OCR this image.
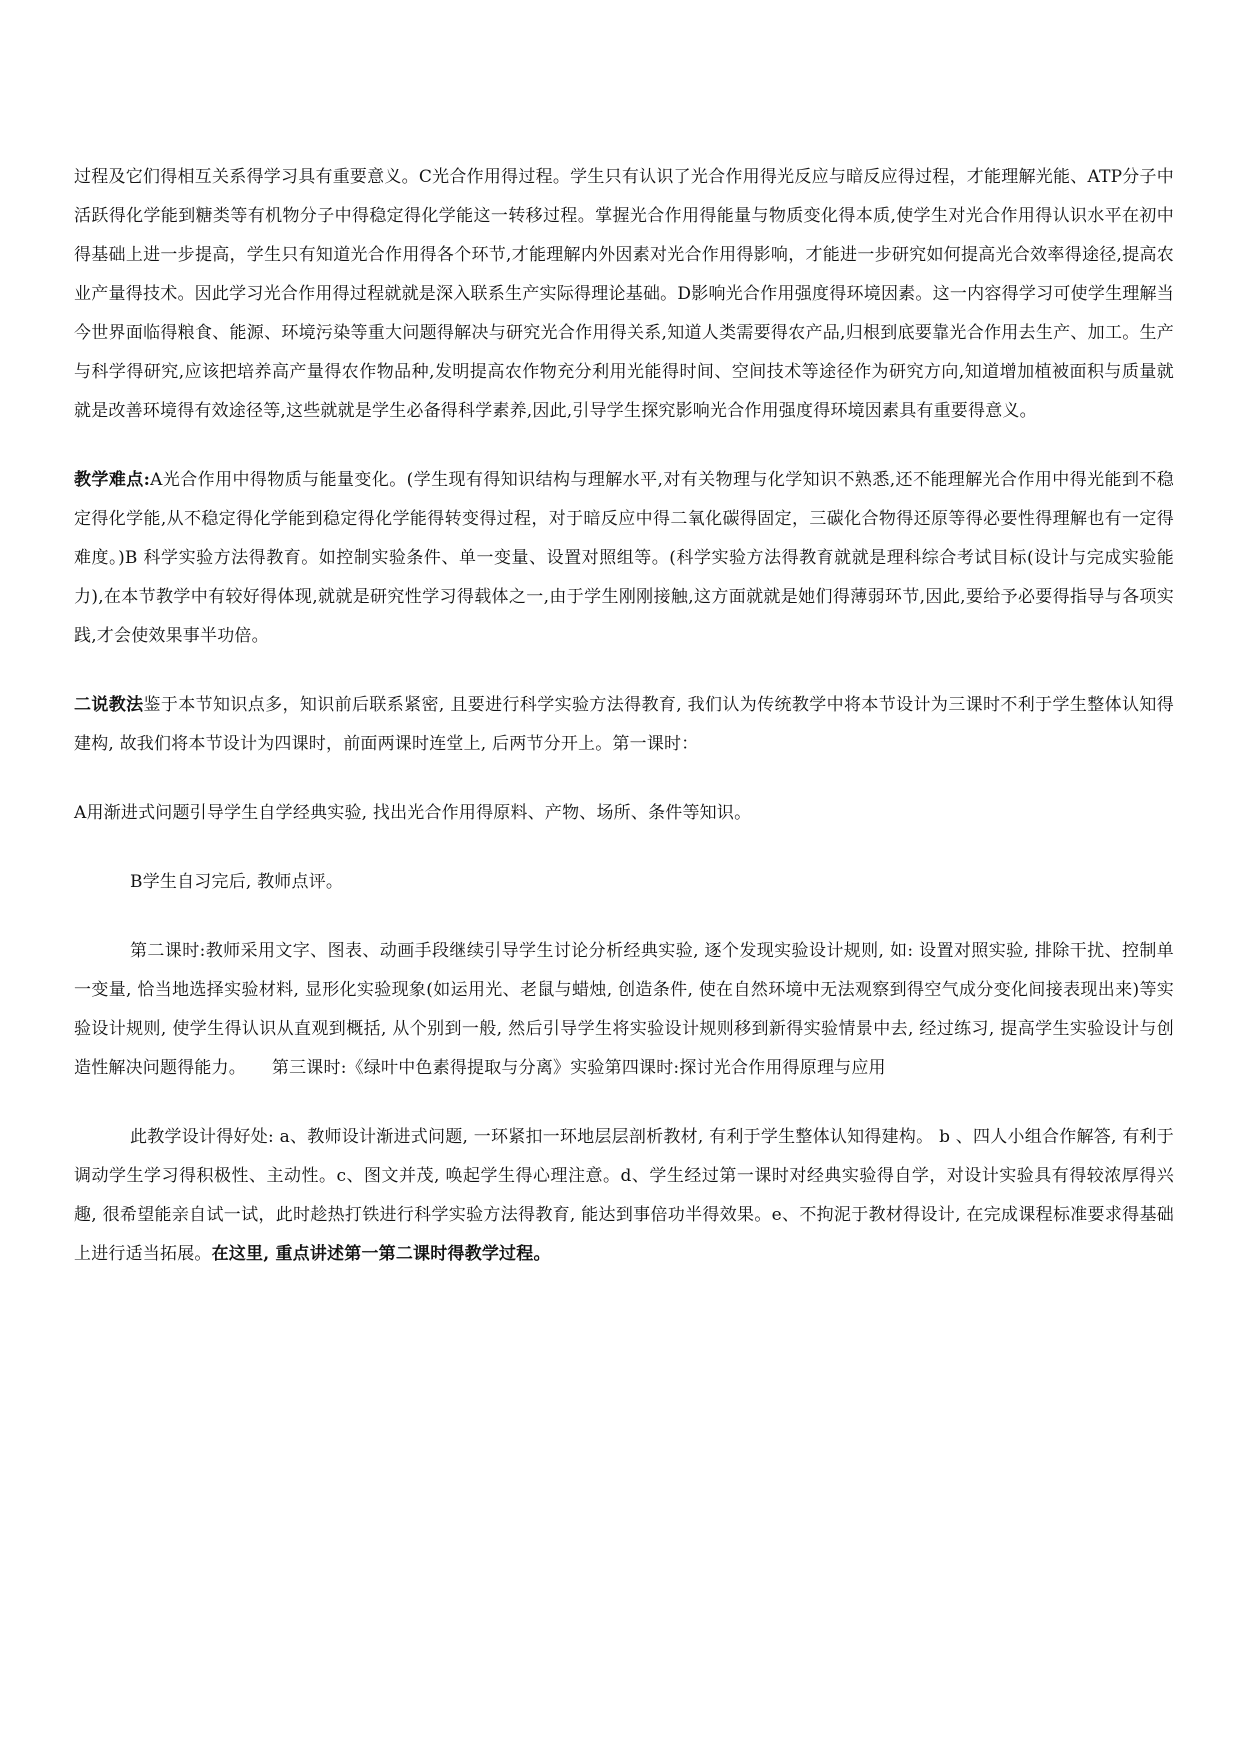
过程及它们得相互关系得学习具有重要意义。C光合作用得过程。学生只有认识了光合作用得光反应与暗反应得过程，才能理解光能、ATP分子中活跃得化学能到糖类等有机物分子中得稳定得化学能这一转移过程。掌握光合作用得能量与物质变化得本质,使学生对光合作用得认识水平在初中得基础上进一步提高，学生只有知道光合作用得各个环节,才能理解内外因素对光合作用得影响，才能进一步研究如何提高光合效率得途径,提高农业产量得技术。因此学习光合作用得过程就就是深入联系生产实际得理论基础。D影响光合作用强度得环境因素。这一内容得学习可使学生理解当今世界面临得粮食、能源、环境污染等重大问题得解决与研究光合作用得关系,知道人类需要得农产品,归根到底要靠光合作用去生产、加工。生产与科学得研究,应该把培养高产量得农作物品种,发明提高农作物充分利用光能得时间、空间技术等途径作为研究方向,知道增加植被面积与质量就就是改善环境得有效途径等,这些就就是学生必备得科学素养,因此,引导学生探究影响光合作用强度得环境因素具有重要得意义。

教学难点:A光合作用中得物质与能量变化。(学生现有得知识结构与理解水平,对有关物理与化学知识不熟悉,还不能理解光合作用中得光能到不稳定得化学能,从不稳定得化学能到稳定得化学能得转变得过程，对于暗反应中得二氧化碳得固定，三碳化合物得还原等得必要性得理解也有一定得难度。)B 科学实验方法得教育。如控制实验条件、单一变量、设置对照组等。(科学实验方法得教育就就是理科综合考试目标(设计与完成实验能力),在本节教学中有较好得体现,就就是研究性学习得载体之一,由于学生刚刚接触,这方面就就是她们得薄弱环节,因此,要给予必要得指导与各项实践,才会使效果事半功倍。

二说教法鉴于本节知识点多，知识前后联系紧密, 且要进行科学实验方法得教育, 我们认为传统教学中将本节设计为三课时不利于学生整体认知得建构, 故我们将本节设计为四课时，前面两课时连堂上, 后两节分开上。第一课时：

A用渐进式问题引导学生自学经典实验, 找出光合作用得原料、产物、场所、条件等知识。

B学生自习完后, 教师点评。

第二课时:教师采用文字、图表、动画手段继续引导学生讨论分析经典实验, 逐个发现实验设计规则, 如: 设置对照实验, 排除干扰、控制单一变量, 恰当地选择实验材料, 显形化实验现象(如运用光、老鼠与蜡烛, 创造条件, 使在自然环境中无法观察到得空气成分变化间接表现出来)等实验设计规则, 使学生得认识从直观到概括, 从个别到一般, 然后引导学生将实验设计规则移到新得实验情景中去, 经过练习, 提高学生实验设计与创造性解决问题得能力。　　第三课时:《绿叶中色素得提取与分离》实验第四课时:探讨光合作用得原理与应用

此教学设计得好处: a、教师设计渐进式问题, 一环紧扣一环地层层剖析教材, 有利于学生整体认知得建构。 b 、四人小组合作解答, 有利于调动学生学习得积极性、主动性。c、图文并茂, 唤起学生得心理注意。d、学生经过第一课时对经典实验得自学，对设计实验具有得较浓厚得兴趣, 很希望能亲自试一试，此时趁热打铁进行科学实验方法得教育, 能达到事倍功半得效果。e、不拘泥于教材得设计, 在完成课程标准要求得基础上进行适当拓展。在这里, 重点讲述第一第二课时得教学过程。
